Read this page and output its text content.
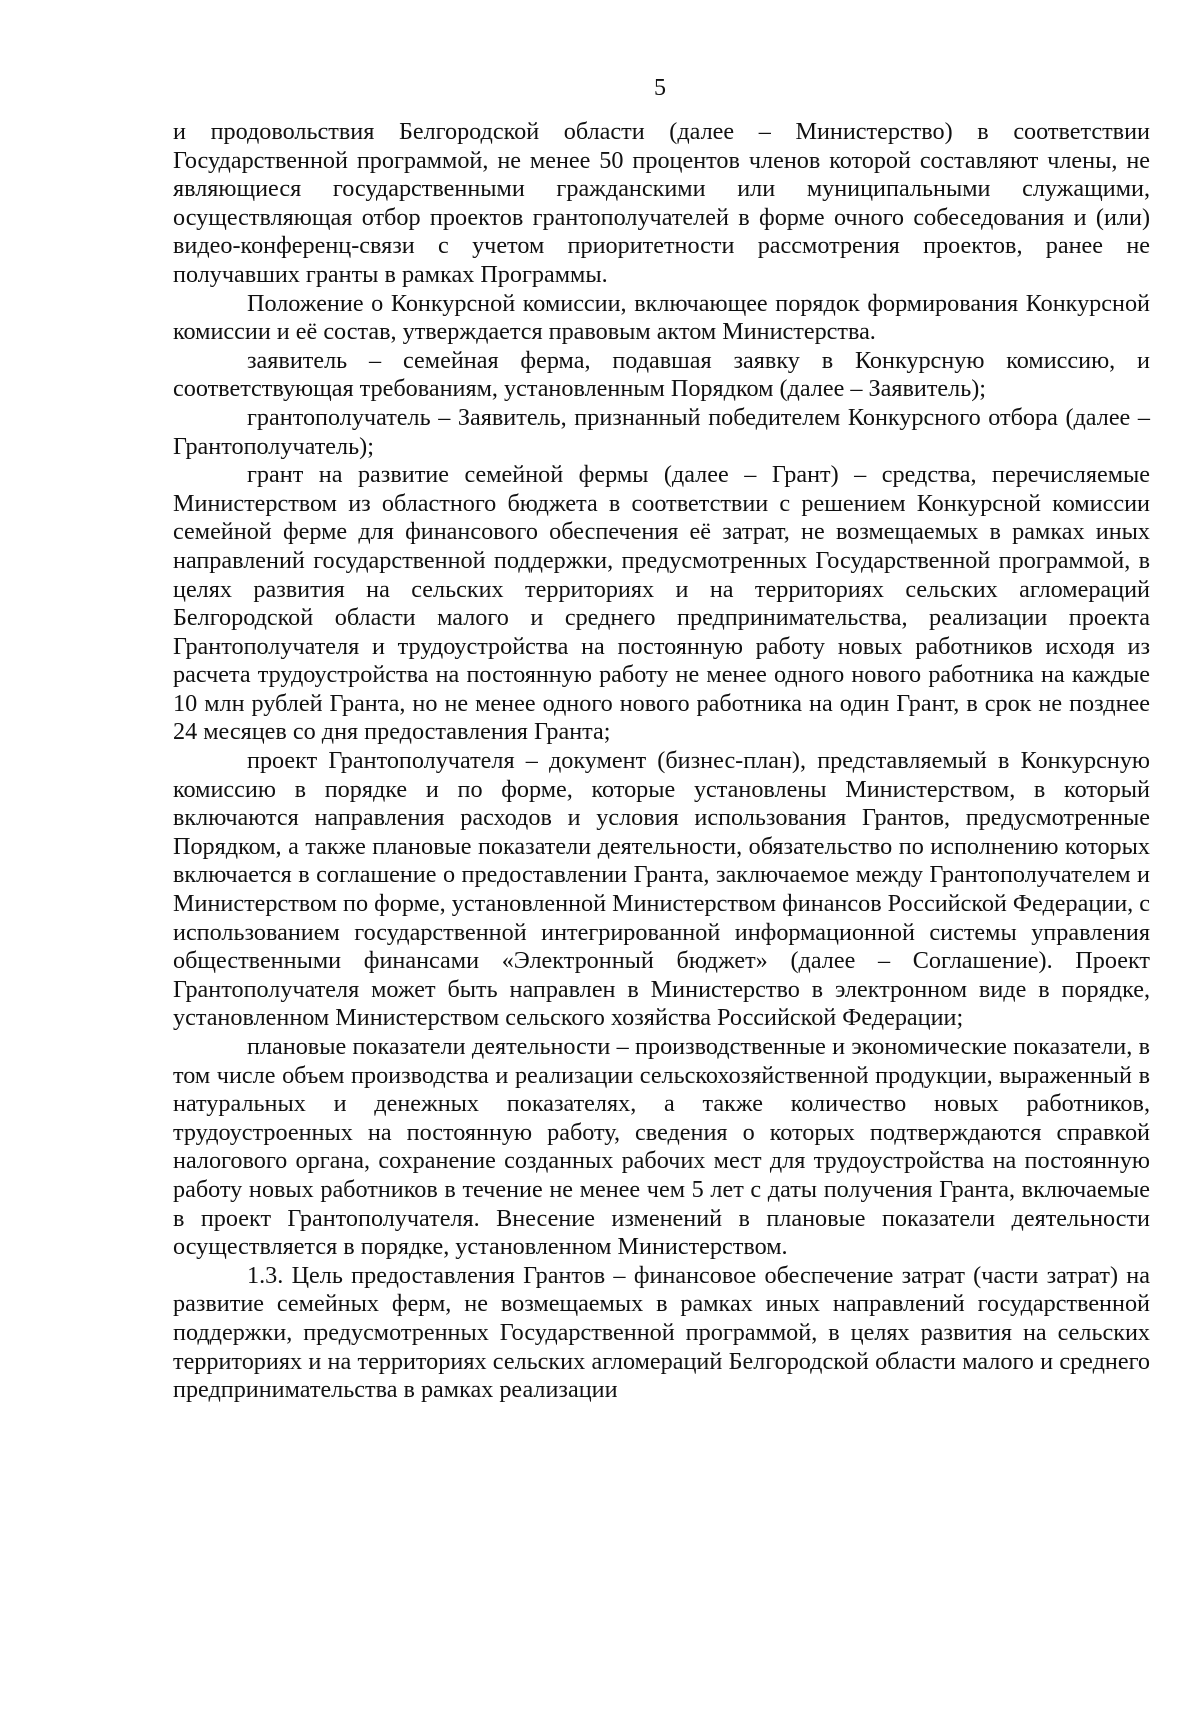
5

и продовольствия Белгородской области (далее – Министерство) в соответствии Государственной программой, не менее 50 процентов членов которой составляют члены, не являющиеся государственными гражданскими или муниципальными служащими, осуществляющая отбор проектов грантополучателей в форме очного собеседования и (или) видео-конференц-связи с учетом приоритетности рассмотрения проектов, ранее не получавших гранты в рамках Программы.

Положение о Конкурсной комиссии, включающее порядок формирования Конкурсной комиссии и её состав, утверждается правовым актом Министерства.

заявитель – семейная ферма, подавшая заявку в Конкурсную комиссию, и соответствующая требованиям, установленным Порядком (далее – Заявитель);

грантополучатель – Заявитель, признанный победителем Конкурсного отбора (далее – Грантополучатель);

грант на развитие семейной фермы (далее – Грант) – средства, перечисляемые Министерством из областного бюджета в соответствии с решением Конкурсной комиссии семейной ферме для финансового обеспечения её затрат, не возмещаемых в рамках иных направлений государственной поддержки, предусмотренных Государственной программой, в целях развития на сельских территориях и на территориях сельских агломераций Белгородской области малого и среднего предпринимательства, реализации проекта Грантополучателя и трудоустройства на постоянную работу новых работников исходя из расчета трудоустройства на постоянную работу не менее одного нового работника на каждые 10 млн рублей Гранта, но не менее одного нового работника на один Грант, в срок не позднее 24 месяцев со дня предоставления Гранта;

проект Грантополучателя – документ (бизнес-план), представляемый в Конкурсную комиссию в порядке и по форме, которые установлены Министерством, в который включаются направления расходов и условия использования Грантов, предусмотренные Порядком, а также плановые показатели деятельности, обязательство по исполнению которых включается в соглашение о предоставлении Гранта, заключаемое между Грантополучателем и Министерством по форме, установленной Министерством финансов Российской Федерации, с использованием государственной интегрированной информационной системы управления общественными финансами «Электронный бюджет» (далее – Соглашение). Проект Грантополучателя может быть направлен в Министерство в электронном виде в порядке, установленном Министерством сельского хозяйства Российской Федерации;

плановые показатели деятельности – производственные и экономические показатели, в том числе объем производства и реализации сельскохозяйственной продукции, выраженный в натуральных и денежных показателях, а также количество новых работников, трудоустроенных на постоянную работу, сведения о которых подтверждаются справкой налогового органа, сохранение созданных рабочих мест для трудоустройства на постоянную работу новых работников в течение не менее чем 5 лет с даты получения Гранта, включаемые в проект Грантополучателя. Внесение изменений в плановые показатели деятельности осуществляется в порядке, установленном Министерством.

1.3. Цель предоставления Грантов – финансовое обеспечение затрат (части затрат) на развитие семейных ферм, не возмещаемых в рамках иных направлений государственной поддержки, предусмотренных Государственной программой, в целях развития на сельских территориях и на территориях сельских агломераций Белгородской области малого и среднего предпринимательства в рамках реализации
